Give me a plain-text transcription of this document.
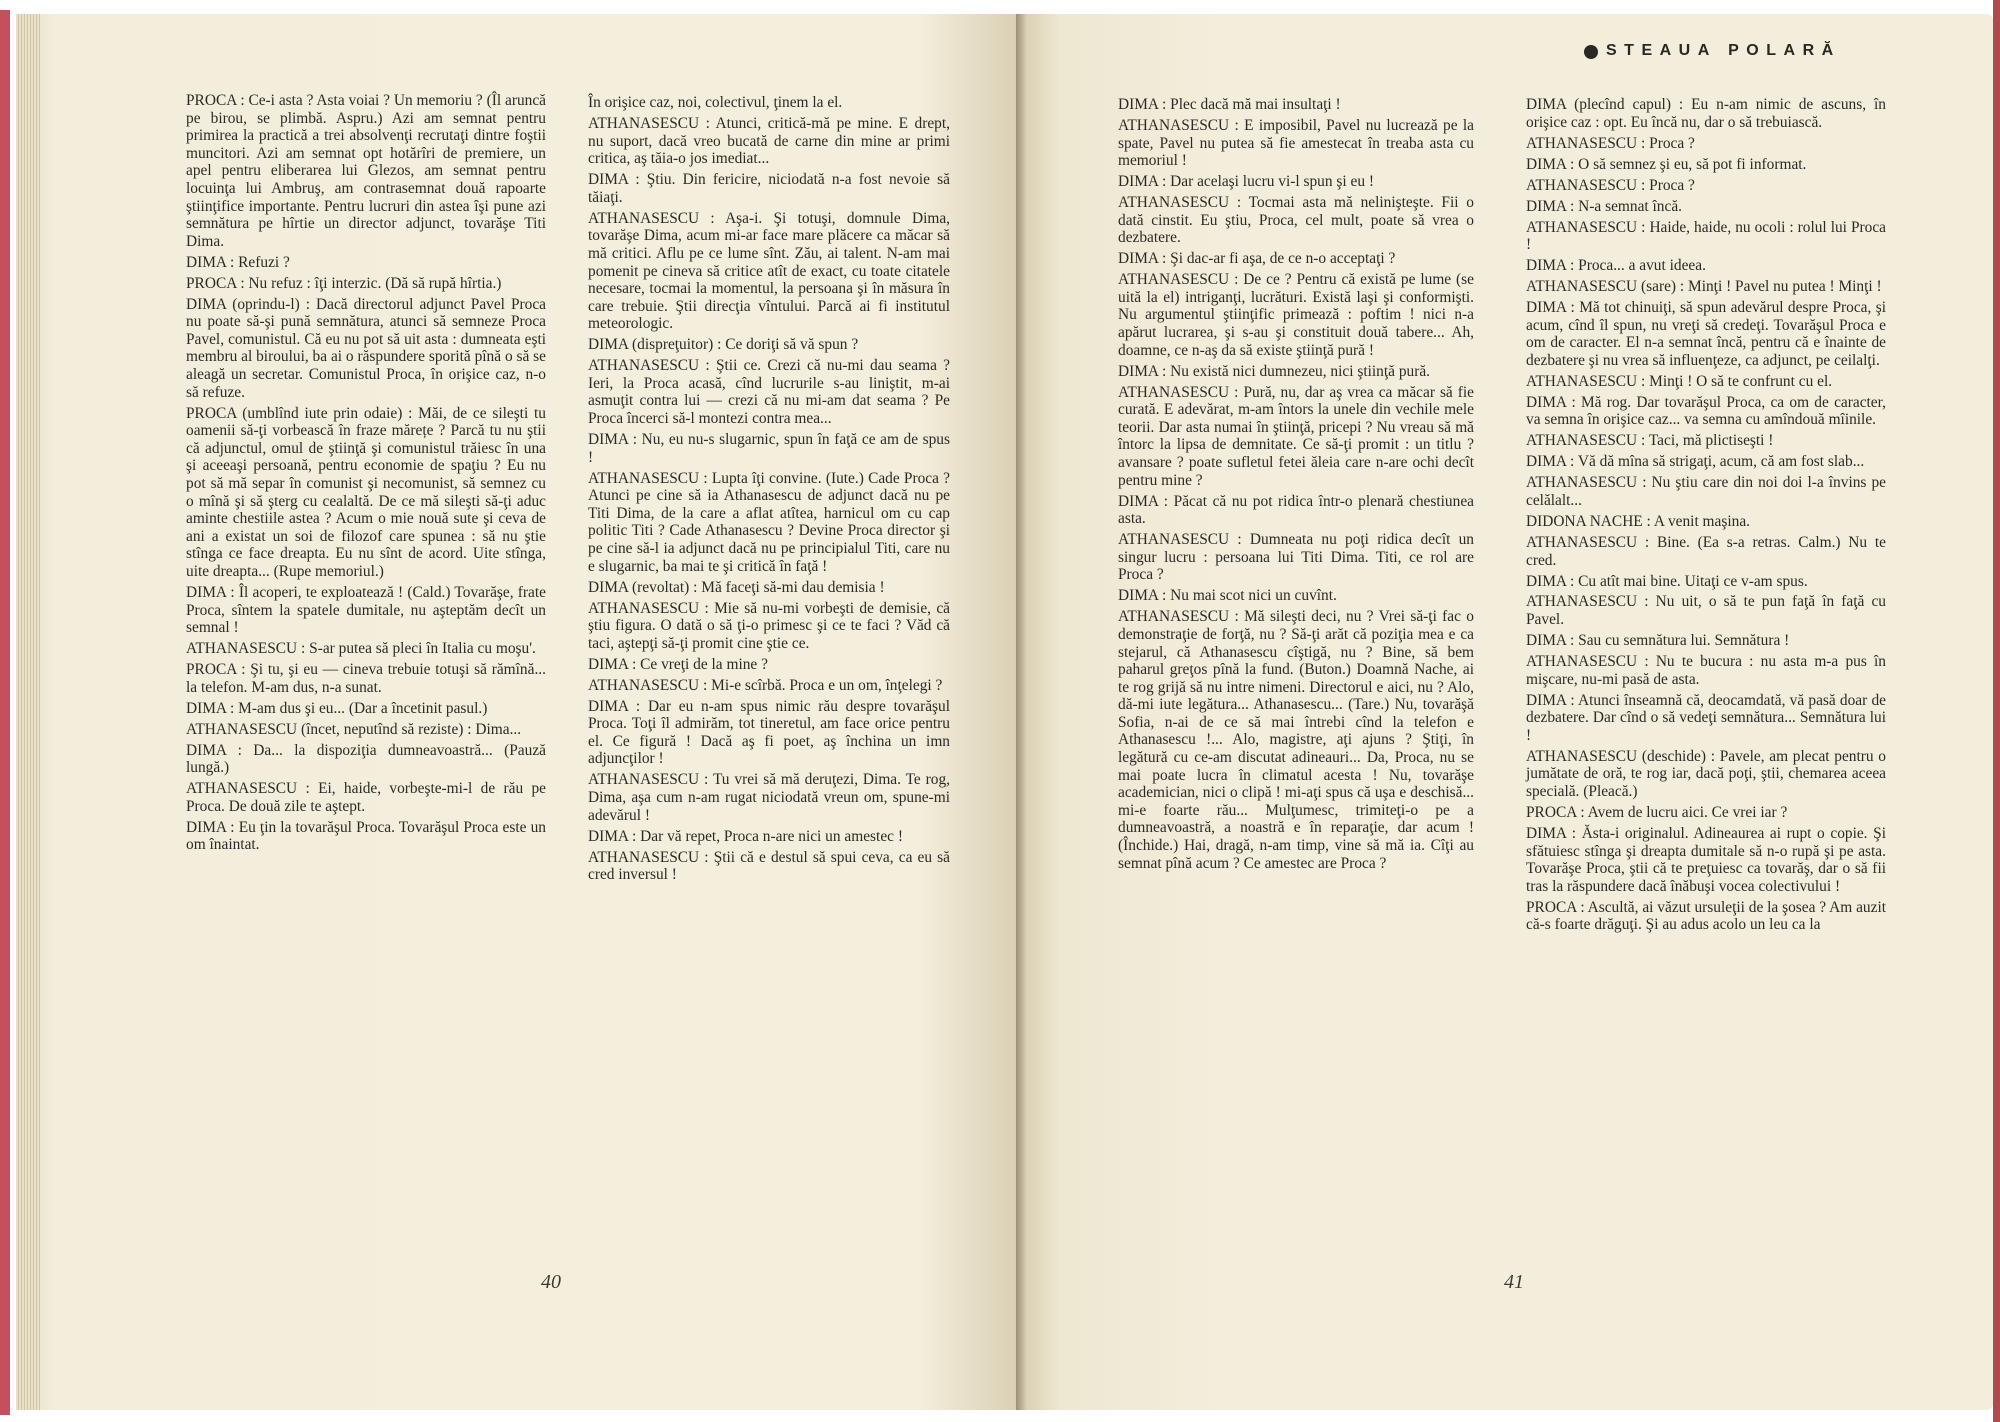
STEAUA POLARĂ

PROCA : Ce-i asta ? Asta voiai ? Un memoriu ? (Îl aruncă pe birou, se plimbă. Aspru.) Azi am semnat pentru primirea la practică a trei absolvenţi recrutaţi dintre foştii muncitori. Azi am semnat opt hotărîri de premiere, un apel pentru eliberarea lui Glezos, am semnat pentru locuinţa lui Ambruş, am contrasemnat două rapoarte ştiinţifice importante. Pentru lucruri din astea îşi pune azi semnătura pe hîrtie un director adjunct, tovarăşe Titi Dima.

DIMA : Refuzi ?

PROCA : Nu refuz : îţi interzic. (Dă să rupă hîrtia.)

DIMA (oprindu-l) : Dacă directorul adjunct Pavel Proca nu poate să-şi pună semnătura, atunci să semneze Proca Pavel, comunistul. Că eu nu pot să uit asta : dumneata eşti membru al biroului, ba ai o răspundere sporită pînă o să se aleagă un secretar. Comunistul Proca, în orişice caz, n-o să refuze.

PROCA (umblînd iute prin odaie) : Măi, de ce sileşti tu oamenii să-ţi vorbească în fraze mărețe ? Parcă tu nu ştii că adjunctul, omul de ştiinţă şi comunistul trăiesc în una şi aceeaşi persoană, pentru economie de spaţiu ? Eu nu pot să mă separ în comunist şi necomunist, să semnez cu o mînă şi să şterg cu cealaltă. De ce mă sileşti să-ţi aduc aminte chestiile astea ? Acum o mie nouă sute şi ceva de ani a existat un soi de filozof care spunea : să nu ştie stînga ce face dreapta. Eu nu sînt de acord. Uite stînga, uite dreapta... (Rupe memoriul.)

DIMA : Îl acoperi, te exploatează ! (Cald.) Tovarăşe, frate Proca, sîntem la spatele dumitale, nu aşteptăm decît un semnal !

ATHANASESCU : S-ar putea să pleci în Italia cu moşu'.

PROCA : Şi tu, şi eu — cineva trebuie totuşi să rămînă... la telefon. M-am dus, n-a sunat.

DIMA : M-am dus şi eu... (Dar a încetinit pasul.)

ATHANASESCU (încet, neputînd să reziste) : Dima...

DIMA : Da... la dispoziţia dumneavoastră... (Pauză lungă.)

ATHANASESCU : Ei, haide, vorbeşte-mi-l de rău pe Proca. De două zile te aştept.

DIMA : Eu ţin la tovarăşul Proca. Tovarăşul Proca este un om înaintat.

În orişice caz, noi, colectivul, ţinem la el.

ATHANASESCU : Atunci, critică-mă pe mine. E drept, nu suport, dacă vreo bucată de carne din mine ar primi critica, aş tăia-o jos imediat...

DIMA : Ştiu. Din fericire, niciodată n-a fost nevoie să tăiaţi.

ATHANASESCU : Aşa-i. Şi totuşi, domnule Dima, tovarăşe Dima, acum mi-ar face mare plăcere ca măcar să mă critici. Aflu pe ce lume sînt. Zău, ai talent. N-am mai pomenit pe cineva să critice atît de exact, cu toate citatele necesare, tocmai la momentul, la persoana şi în măsura în care trebuie. Ştii direcţia vîntului. Parcă ai fi institutul meteorologic.

DIMA (dispreţuitor) : Ce doriţi să vă spun ?

ATHANASESCU : Ştii ce. Crezi că nu-mi dau seama ? Ieri, la Proca acasă, cînd lucrurile s-au liniştit, m-ai asmuţit contra lui — crezi că nu mi-am dat seama ? Pe Proca încerci să-l montezi contra mea...

DIMA : Nu, eu nu-s slugarnic, spun în faţă ce am de spus !

ATHANASESCU : Lupta îţi convine. (Iute.) Cade Proca ? Atunci pe cine să ia Athanasescu de adjunct dacă nu pe Titi Dima, de la care a aflat atîtea, harnicul om cu cap politic Titi ? Cade Athanasescu ? Devine Proca director şi pe cine să-l ia adjunct dacă nu pe principialul Titi, care nu e slugarnic, ba mai te şi critică în faţă !

DIMA (revoltat) : Mă faceţi să-mi dau demisia !

ATHANASESCU : Mie să nu-mi vorbeşti de demisie, că ştiu figura. O dată o să ţi-o primesc şi ce te faci ? Văd că taci, aştepţi să-ţi promit cine ştie ce.

DIMA : Ce vreţi de la mine ?

ATHANASESCU : Mi-e scîrbă. Proca e un om, înţelegi ?

DIMA : Dar eu n-am spus nimic rău despre tovarăşul Proca. Toţi îl admirăm, tot tineretul, am face orice pentru el. Ce figură ! Dacă aş fi poet, aş închina un imn adjuncţilor !

ATHANASESCU : Tu vrei să mă deruţezi, Dima. Te rog, Dima, aşa cum n-am rugat niciodată vreun om, spune-mi adevărul !

DIMA : Dar vă repet, Proca n-are nici un amestec !

ATHANASESCU : Ştii că e destul să spui ceva, ca eu să cred inversul !

DIMA : Plec dacă mă mai insultaţi !

ATHANASESCU : E imposibil, Pavel nu lucrează pe la spate, Pavel nu putea să fie amestecat în treaba asta cu memoriul !

DIMA : Dar acelaşi lucru vi-l spun şi eu !

ATHANASESCU : Tocmai asta mă nelinişteşte. Fii o dată cinstit. Eu ştiu, Proca, cel mult, poate să vrea o dezbatere.

DIMA : Şi dac-ar fi aşa, de ce n-o acceptaţi ?

ATHANASESCU : De ce ? Pentru că există pe lume (se uită la el) intriganţi, lucrături. Există laşi şi conformişti. Nu argumentul ştiinţific primează : poftim ! nici n-a apărut lucrarea, şi s-au şi constituit două tabere... Ah, doamne, ce n-aş da să existe ştiinţă pură !

DIMA : Nu există nici dumnezeu, nici ştiinţă pură.

ATHANASESCU : Pură, nu, dar aş vrea ca măcar să fie curată. E adevărat, m-am întors la unele din vechile mele teorii. Dar asta numai în ştiinţă, pricepi ? Nu vreau să mă întorc la lipsa de demnitate. Ce să-ţi promit : un titlu ? avansare ? poate sufletul fetei ăleia care n-are ochi decît pentru mine ?

DIMA : Păcat că nu pot ridica într-o plenară chestiunea asta.

ATHANASESCU : Dumneata nu poţi ridica decît un singur lucru : persoana lui Titi Dima. Titi, ce rol are Proca ?

DIMA : Nu mai scot nici un cuvînt.

ATHANASESCU : Mă sileşti deci, nu ? Vrei să-ţi fac o demonstraţie de forţă, nu ? Să-ţi arăt că poziţia mea e ca stejarul, că Athanasescu cîştigă, nu ? Bine, să bem paharul greţos pînă la fund. (Buton.) Doamnă Nache, ai te rog grijă să nu intre nimeni. Directorul e aici, nu ? Alo, dă-mi iute legătura... Athanasescu... (Tare.) Nu, tovarăşă Sofia, n-ai de ce să mai întrebi cînd la telefon e Athanasescu !... Alo, magistre, aţi ajuns ? Ştiţi, în legătură cu ce-am discutat adineauri... Da, Proca, nu se mai poate lucra în climatul acesta ! Nu, tovarăşe academician, nici o clipă ! mi-aţi spus că uşa e deschisă... mi-e foarte rău... Mulţumesc, trimiteţi-o pe a dumneavoastră, a noastră e în reparaţie, dar acum ! (Închide.) Hai, dragă, n-am timp, vine să mă ia. Cîţi au semnat pînă acum ? Ce amestec are Proca ?

DIMA (plecînd capul) : Eu n-am nimic de ascuns, în orişice caz : opt. Eu încă nu, dar o să trebuiască.

ATHANASESCU : Proca ?

DIMA : O să semnez şi eu, să pot fi informat.

ATHANASESCU : Proca ?

DIMA : N-a semnat încă.

ATHANASESCU : Haide, haide, nu ocoli : rolul lui Proca !

DIMA : Proca... a avut ideea.

ATHANASESCU (sare) : Minţi ! Pavel nu putea ! Minţi !

DIMA : Mă tot chinuiţi, să spun adevărul despre Proca, şi acum, cînd îl spun, nu vreţi să credeţi. Tovarăşul Proca e om de caracter. El n-a semnat încă, pentru că e înainte de dezbatere şi nu vrea să influenţeze, ca adjunct, pe ceilalţi.

ATHANASESCU : Minţi ! O să te confrunt cu el.

DIMA : Mă rog. Dar tovarăşul Proca, ca om de caracter, va semna în orişice caz... va semna cu amîndouă mîinile.

ATHANASESCU : Taci, mă plictiseşti !

DIMA : Vă dă mîna să strigaţi, acum, că am fost slab...

ATHANASESCU : Nu ştiu care din noi doi l-a învins pe celălalt...

DIDONA NACHE : A venit maşina.

ATHANASESCU : Bine. (Ea s-a retras. Calm.) Nu te cred.

DIMA : Cu atît mai bine. Uitaţi ce v-am spus.

ATHANASESCU : Nu uit, o să te pun faţă în faţă cu Pavel.

DIMA : Sau cu semnătura lui. Semnătura !

ATHANASESCU : Nu te bucura : nu asta m-a pus în mişcare, nu-mi pasă de asta.

DIMA : Atunci înseamnă că, deocamdată, vă pasă doar de dezbatere. Dar cînd o să vedeţi semnătura... Semnătura lui !

ATHANASESCU (deschide) : Pavele, am plecat pentru o jumătate de oră, te rog iar, dacă poţi, ştii, chemarea aceea specială. (Pleacă.)

PROCA : Avem de lucru aici. Ce vrei iar ?

DIMA : Ăsta-i originalul. Adineaurea ai rupt o copie. Şi sfătuiesc stînga şi dreapta dumitale să n-o rupă şi pe asta. Tovarăşe Proca, ştii că te preţuiesc ca tovarăş, dar o să fii tras la răspundere dacă înăbuşi vocea colectivului !

PROCA : Ascultă, ai văzut ursuleţii de la şosea ? Am auzit că-s foarte drăguţi. Şi au adus acolo un leu ca la

40	41
